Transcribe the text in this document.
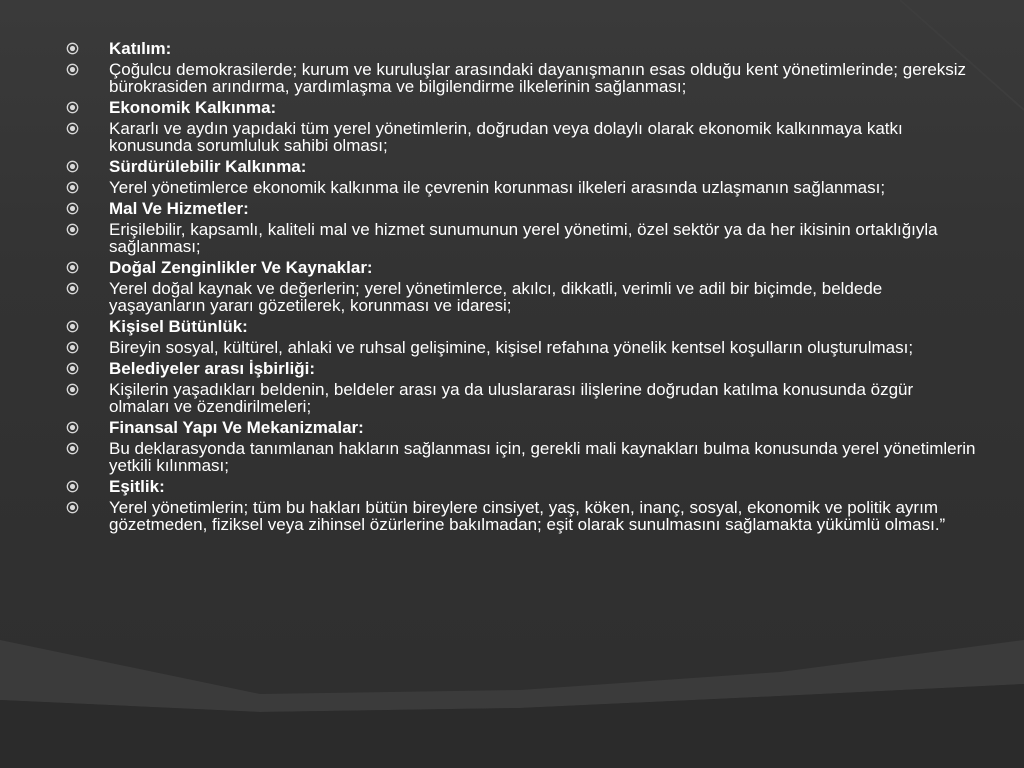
Katılım:
Çoğulcu demokrasilerde; kurum ve kuruluşlar arasındaki dayanışmanın esas olduğu kent yönetimlerinde; gereksiz bürokrasiden arındırma, yardımlaşma ve bilgilendirme ilkelerinin sağlanması;
Ekonomik Kalkınma:
Kararlı ve aydın yapıdaki tüm yerel yönetimlerin, doğrudan veya dolaylı olarak ekonomik kalkınmaya katkı konusunda sorumluluk sahibi olması;
Sürdürülebilir Kalkınma:
Yerel yönetimlerce ekonomik kalkınma ile çevrenin korunması ilkeleri arasında uzlaşmanın sağlanması;
Mal Ve Hizmetler:
Erişilebilir, kapsamlı, kaliteli mal ve hizmet sunumunun yerel yönetimi, özel sektör ya da her ikisinin ortaklığıyla sağlanması;
Doğal Zenginlikler Ve Kaynaklar:
Yerel doğal kaynak ve değerlerin; yerel yönetimlerce, akılcı, dikkatli, verimli ve adil bir biçimde, beldede yaşayanların yararı gözetilerek, korunması ve idaresi;
Kişisel Bütünlük:
Bireyin sosyal, kültürel, ahlaki ve ruhsal gelişimine, kişisel refahına yönelik kentsel koşulların oluşturulması;
Belediyeler arası İşbirliği:
Kişilerin yaşadıkları beldenin, beldeler arası ya da uluslararası ilişlerine doğrudan katılma konusunda özgür olmaları ve özendirilmeleri;
Finansal Yapı Ve Mekanizmalar:
Bu deklarasyonda tanımlanan hakların sağlanması için, gerekli mali kaynakları bulma konusunda yerel yönetimlerin yetkili kılınması;
Eşitlik:
Yerel yönetimlerin; tüm bu hakları bütün bireylere cinsiyet, yaş, köken, inanç, sosyal, ekonomik ve politik ayrım gözetmeden, fiziksel veya zihinsel özürlerine bakılmadan; eşit olarak sunulmasını sağlamakta yükümlü olması.”
